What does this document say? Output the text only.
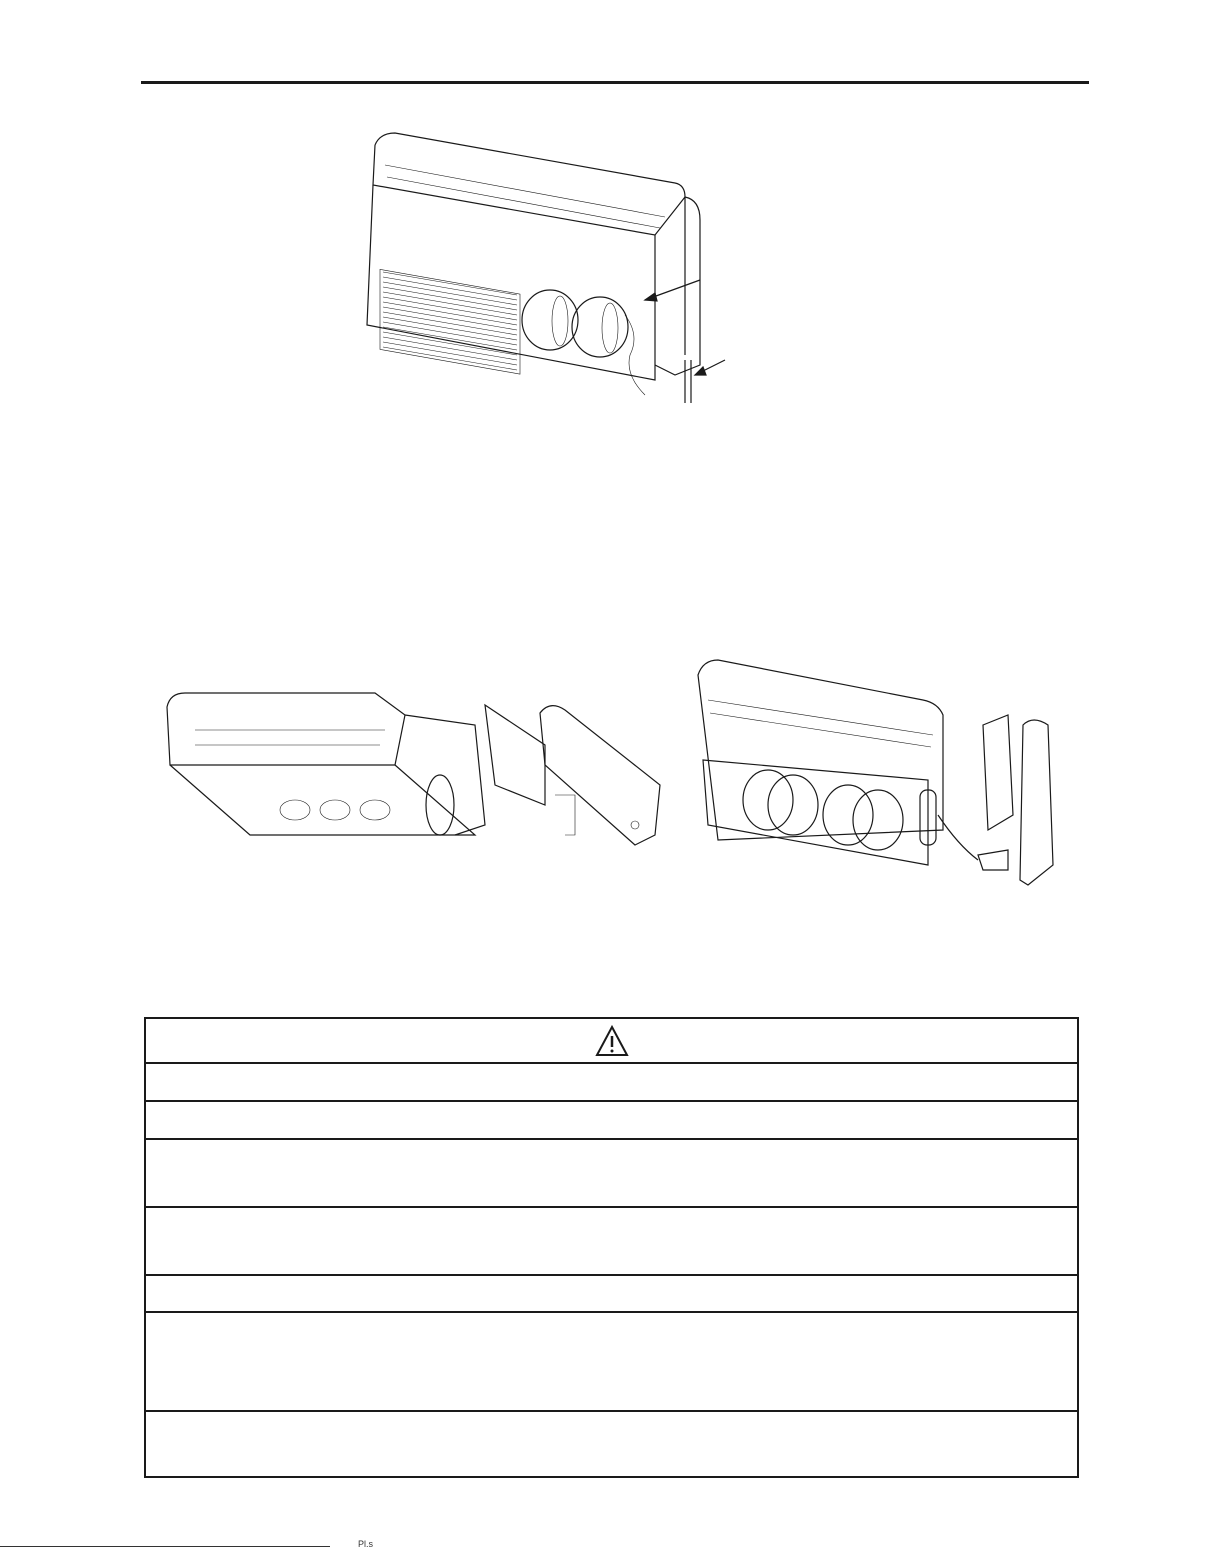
Pl.s
